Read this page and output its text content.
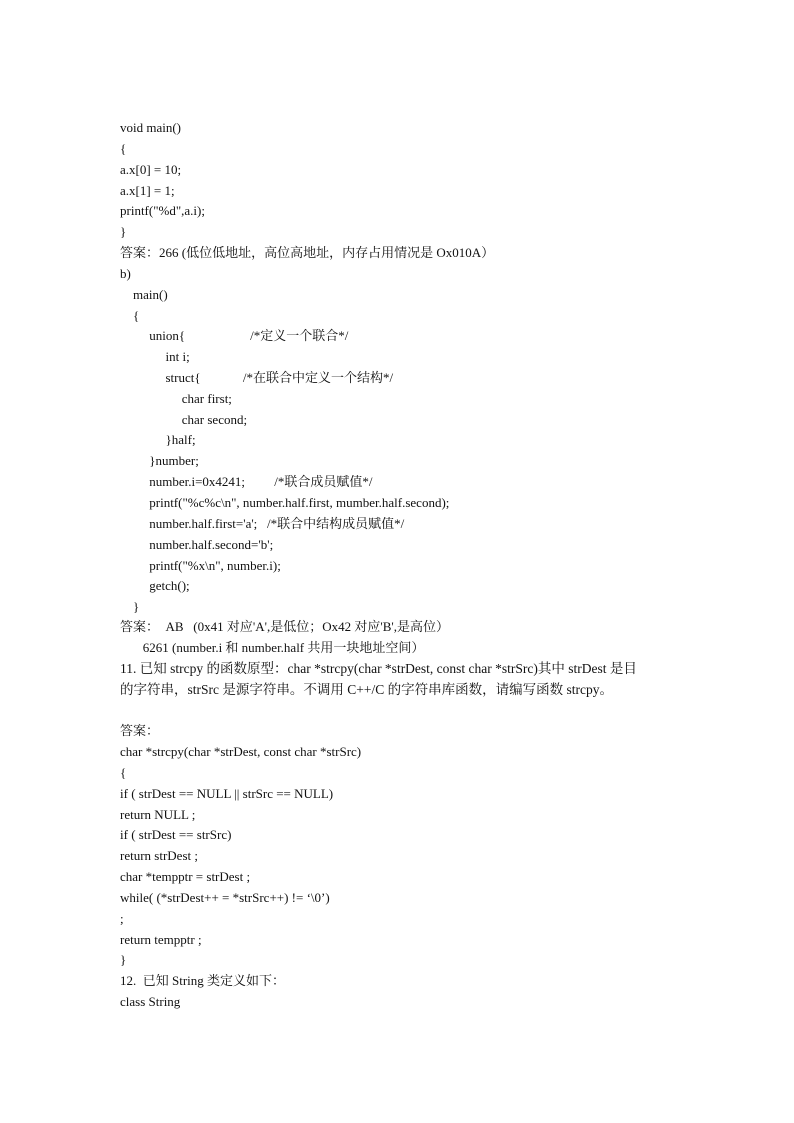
void main()
{
a.x[0] = 10;
a.x[1] = 1;
printf("%d",a.i);
}
答案：266 (低位低地址，高位高地址，内存占用情况是 Ox010A）
b)
main()
{
union{                    /*定义一个联合*/
int i;
struct{             /*在联合中定义一个结构*/
char first;
char second;
}half;
}number;
number.i=0x4241;         /*联合成员赋值*/
printf("%c%c\n", number.half.first, mumber.half.second);
number.half.first='a';   /*联合中结构成员赋值*/
number.half.second='b';
printf("%x\n", number.i);
getch();
}
答案：  AB   (0x41 对应'A',是低位；Ox42 对应'B',是高位）
6261 (number.i 和 number.half 共用一块地址空间）
11. 已知 strcpy 的函数原型：char *strcpy(char *strDest, const char *strSrc)其中 strDest 是目
的字符串，strSrc 是源字符串。不调用 C++/C 的字符串库函数，请编写函数 strcpy。
答案：
char *strcpy(char *strDest, const char *strSrc)
{
if ( strDest == NULL || strSrc == NULL)
return NULL ;
if ( strDest == strSrc)
return strDest ;
char *tempptr = strDest ;
while( (*strDest++ = *strSrc++) != ‘\0’)
;
return tempptr ;
}
12.  已知 String 类定义如下：
class String
